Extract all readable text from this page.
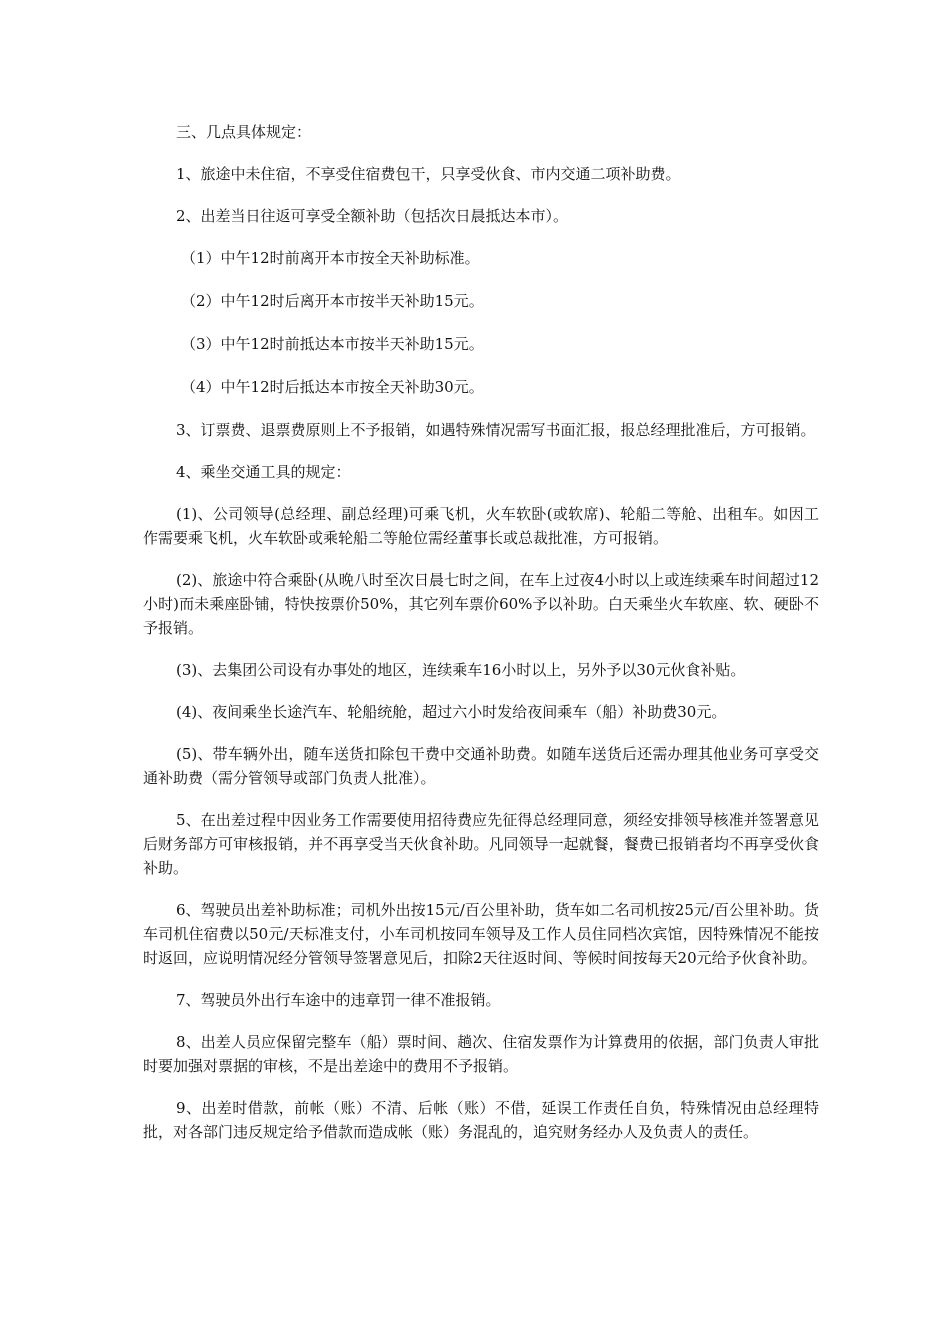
三、几点具体规定：

1、旅途中未住宿，不享受住宿费包干，只享受伙食、市内交通二项补助费。

2、出差当日往返可享受全额补助（包括次日晨抵达本市）。

（1）中午12时前离开本市按全天补助标准。

（2）中午12时后离开本市按半天补助15元。

（3）中午12时前抵达本市按半天补助15元。

（4）中午12时后抵达本市按全天补助30元。

3、订票费、退票费原则上不予报销，如遇特殊情况需写书面汇报，报总经理批准后，方可报销。

4、乘坐交通工具的规定：

(1)、公司领导(总经理、副总经理)可乘飞机，火车软卧(或软席)、轮船二等舱、出租车。如因工作需要乘飞机，火车软卧或乘轮船二等舱位需经董事长或总裁批准，方可报销。

(2)、旅途中符合乘卧(从晚八时至次日晨七时之间，在车上过夜4小时以上或连续乘车时间超过12小时)而未乘座卧铺，特快按票价50%，其它列车票价60%予以补助。白天乘坐火车软座、软、硬卧不予报销。

(3)、去集团公司设有办事处的地区，连续乘车16小时以上，另外予以30元伙食补贴。

(4)、夜间乘坐长途汽车、轮船统舱，超过六小时发给夜间乘车（船）补助费30元。

(5)、带车辆外出，随车送货扣除包干费中交通补助费。如随车送货后还需办理其他业务可享受交通补助费（需分管领导或部门负责人批准）。

5、在出差过程中因业务工作需要使用招待费应先征得总经理同意，须经安排领导核准并签署意见后财务部方可审核报销，并不再享受当天伙食补助。凡同领导一起就餐，餐费已报销者均不再享受伙食补助。

6、驾驶员出差补助标准；司机外出按15元/百公里补助，货车如二名司机按25元/百公里补助。货车司机住宿费以50元/天标准支付，小车司机按同车领导及工作人员住同档次宾馆，因特殊情况不能按时返回，应说明情况经分管领导签署意见后，扣除2天往返时间、等候时间按每天20元给予伙食补助。

7、驾驶员外出行车途中的违章罚一律不准报销。

8、出差人员应保留完整车（船）票时间、趟次、住宿发票作为计算费用的依据，部门负责人审批时要加强对票据的审核，不是出差途中的费用不予报销。

9、出差时借款，前帐（账）不清、后帐（账）不借，延误工作责任自负，特殊情况由总经理特批，对各部门违反规定给予借款而造成帐（账）务混乱的，追究财务经办人及负责人的责任。
